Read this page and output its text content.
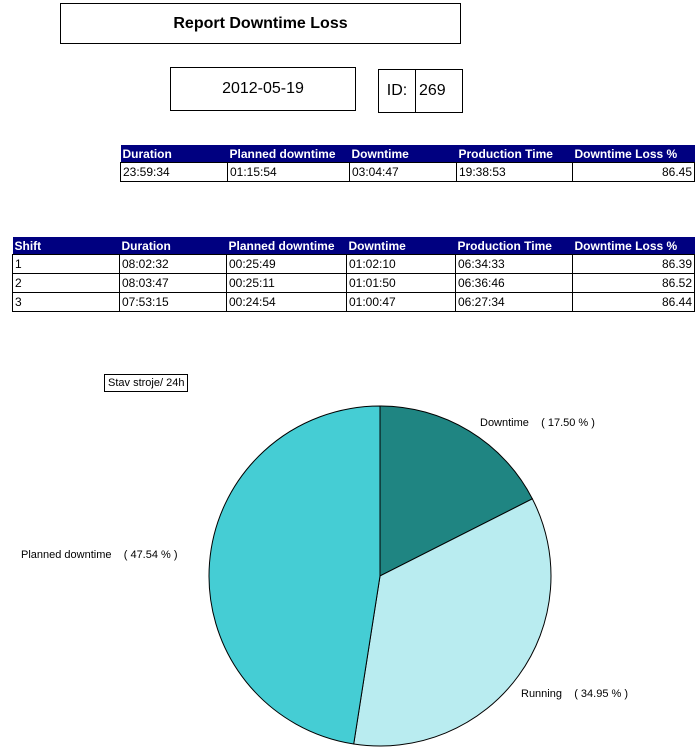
Report Downtime Loss
2012-05-19	ID: 269
Duration	Planned downtime	Downtime	Production Time	Downtime Loss %
23:59:34	01:15:54	03:04:47	19:38:53	86.45
Shift	Duration	Planned downtime	Downtime	Production Time	Downtime Loss %
1	08:02:32	00:25:49	01:02:10	06:34:33	86.39
2	08:03:47	00:25:11	01:01:50	06:36:46	86.52
3	07:53:15	00:24:54	01:00:47	06:27:34	86.44
Stav stroje/ 24h
Downtime    ( 17.50 % )
Running    ( 34.95 % )
Planned downtime    ( 47.54 % )
